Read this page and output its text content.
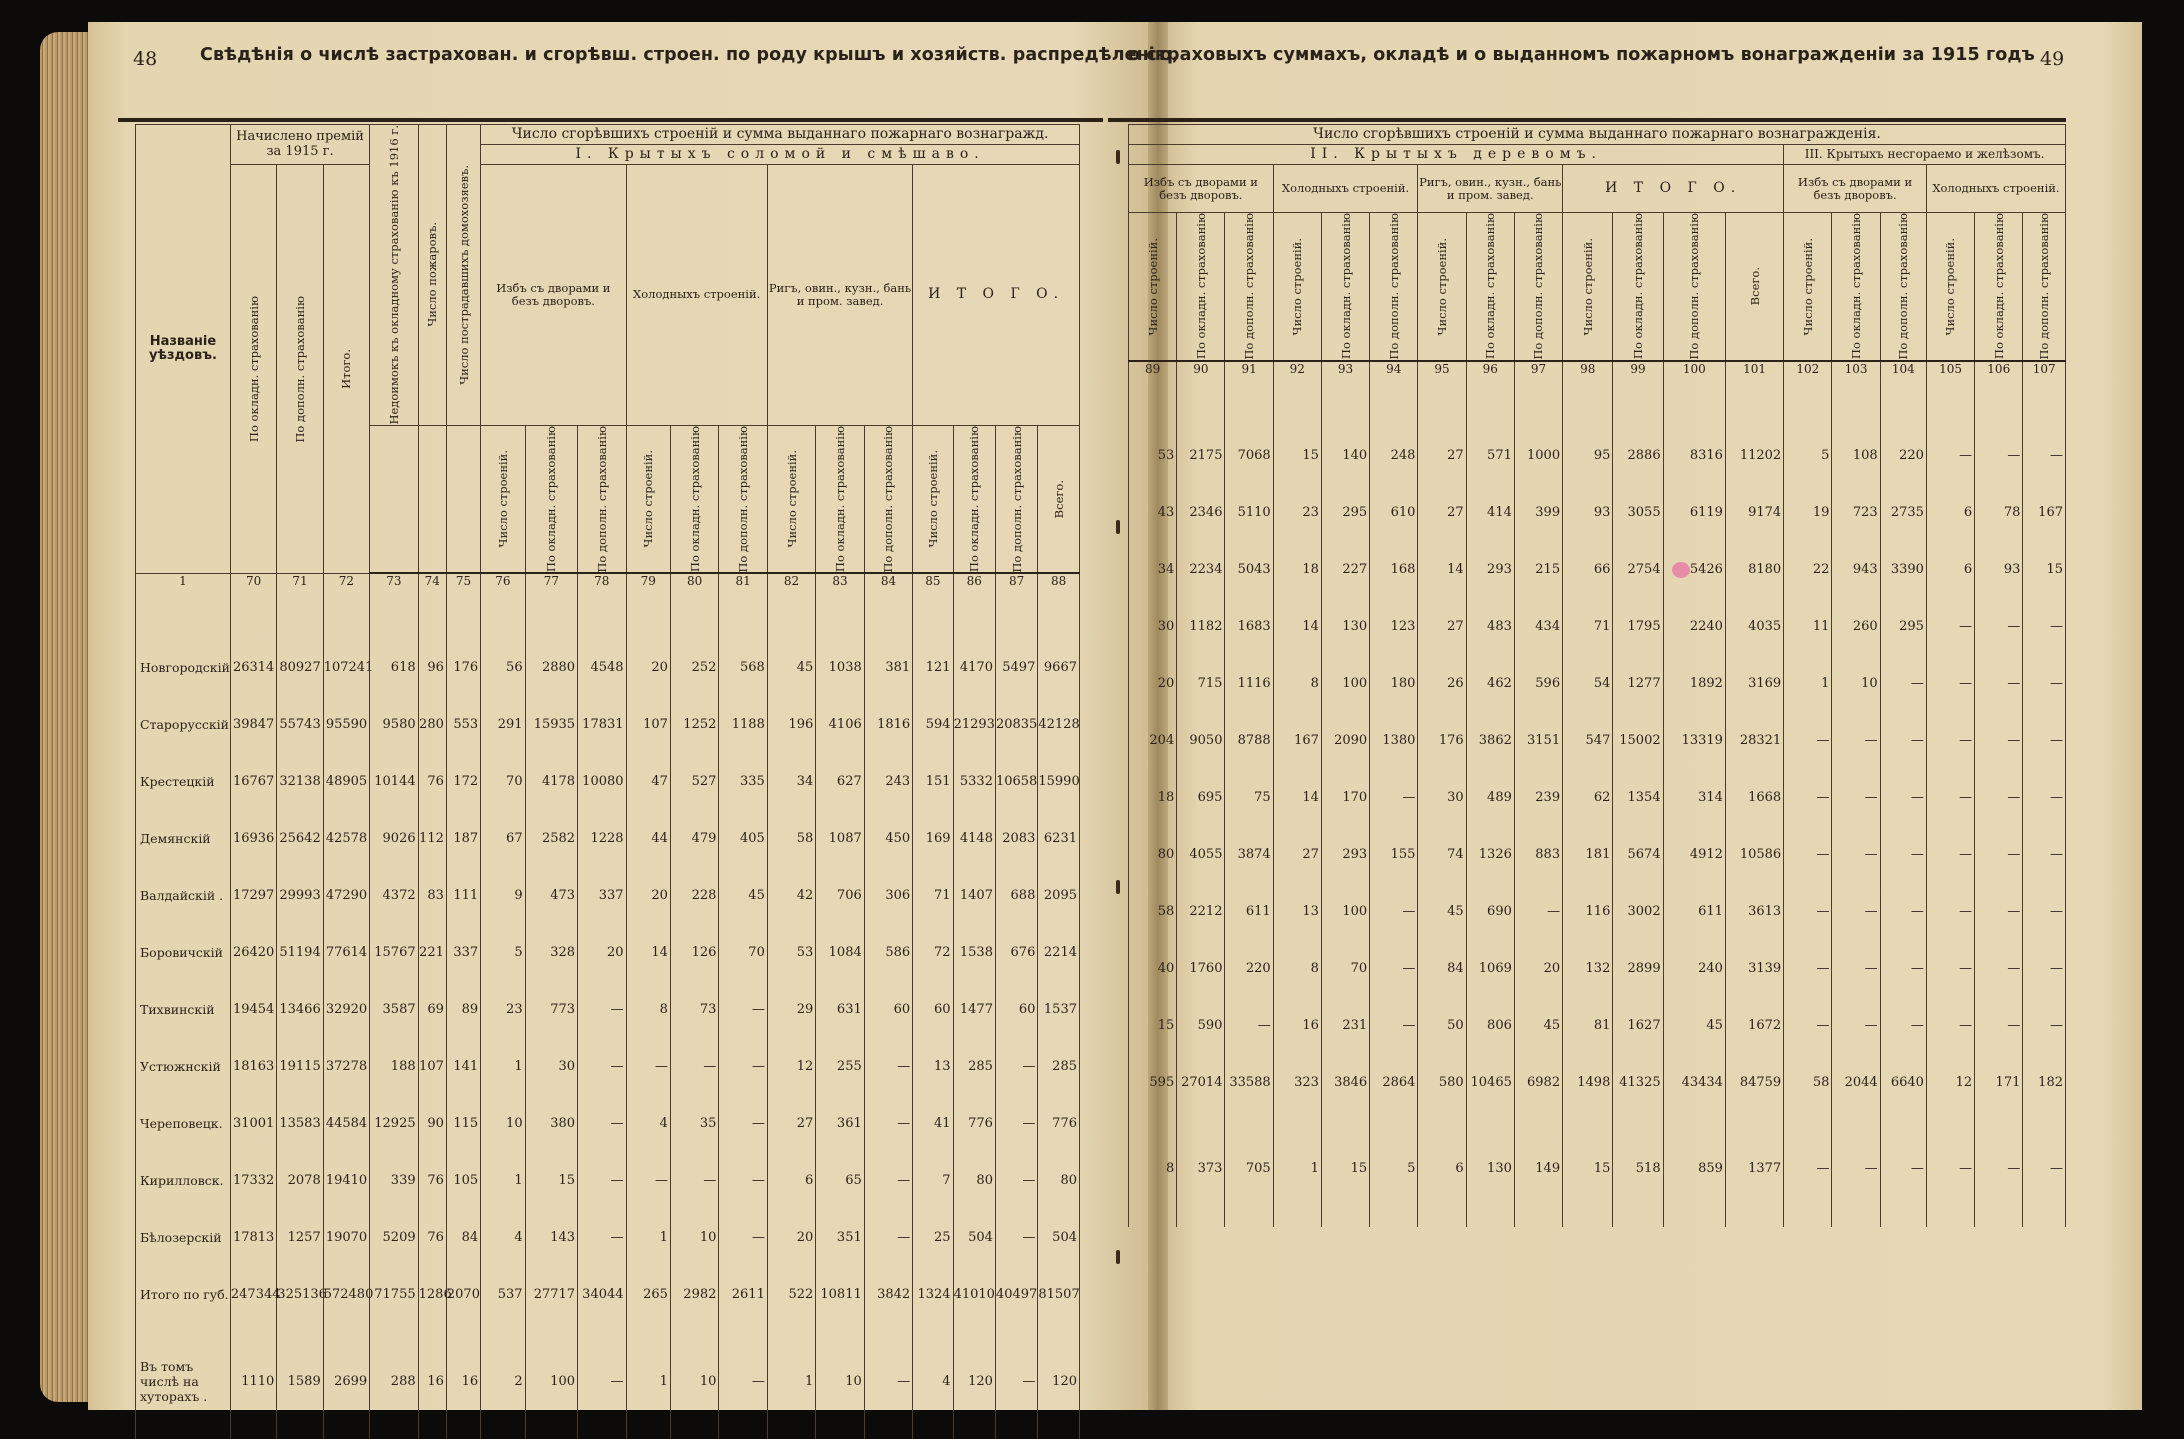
48 Свѣдѣнія о числѣ застрахован. и сгорѣвш. строен. по роду крышъ и хозяйств. распредѣленію,
о страховыхъ суммахъ, окладѣ и о выданномъ пожарномъ вонагражденіи за 1915 годъ 49
Названіе уѣздовъ.	Начислено премій за 1915 г.			Недоимокъ къ окладному страхованію къ 1916 г.	Число пожаровъ.	Число пострадавшихъ домохозяевъ.	Число сгорѣвшихъ строеній и сумма выданнаго пожарнаго вознагражд.												
							I. Крытыхъ соломой и смѣшаво.												

	По окладн. страхованію	По дополн. страхованію	Итого.				Избъ съ дворами и безъ дворовъ.			Холодныхъ строеній.			Ригъ, овин., кузн., бань и пром. завед.			И Т О Г О.			

							Число строеній.	По окладн. страхованію	По дополн. страхованію	Число строеній.	По окладн. страхованію	По дополн. страхованію	Число строеній.	По окладн. страхованію	По дополн. страхованію	Число строеній.	По окладн. страхованію	По дополн. страхованію	Всего.

1	70	71	72	73	74	75	76	77	78	79	80	81	82	83	84	85	86	87	88

Новгородскій	26314	80927	107241	618	96	176	56	2880	4548	20	252	568	45	1038	381	121	4170	5497	9667
Старорусскій	39847	55743	95590	9580	280	553	291	15935	17831	107	1252	1188	196	4106	1816	594	21293	20835	42128
Крестецкій	16767	32138	48905	10144	76	172	70	4178	10080	47	527	335	34	627	243	151	5332	10658	15990
Демянскій	16936	25642	42578	9026	112	187	67	2582	1228	44	479	405	58	1087	450	169	4148	2083	6231
Валдайскій .	17297	29993	47290	4372	83	111	9	473	337	20	228	45	42	706	306	71	1407	688	2095
Боровичскій	26420	51194	77614	15767	221	337	5	328	20	14	126	70	53	1084	586	72	1538	676	2214
Тихвинскій	19454	13466	32920	3587	69	89	23	773	—	8	73	—	29	631	60	60	1477	60	1537
Устюжнскій	18163	19115	37278	188	107	141	1	30	—	—	—	—	12	255	—	13	285	—	285
Череповецк.	31001	13583	44584	12925	90	115	10	380	—	4	35	—	27	361	—	41	776	—	776
Кирилловск.	17332	2078	19410	339	76	105	1	15	—	—	—	—	6	65	—	7	80	—	80
Бѣлозерскій	17813	1257	19070	5209	76	84	4	143	—	1	10	—	20	351	—	25	504	—	504
Итого по губ.	247344	325136	572480	71755	1286	2070	537	27717	34044	265	2982	2611	522	10811	3842	1324	41010	40497	81507
Въ томъ числѣ на хуторахъ .	1110	1589	2699	288	16	16	2	100	—	1	10	—	1	10	—	4	120	—	120
Число сгорѣвшихъ строеній и сумма выданнаго пожарнаго вознагражденія.																		
II. Крытыхъ деревомъ.													III. Крытыхъ несгораемо и желѣзомъ.					
Избъ съ дворами и безъ дворовъ.			Холодныхъ строеній.			Ригъ, овин., кузн., бань и пром. завед.			И Т О Г О.				Избъ съ дворами и безъ дворовъ.			Холодныхъ строеній.		

Число строеній.	По окладн. страхованію	По дополн. страхованію	Число строеній.	По окладн. страхованію	По дополн. страхованію	Число строеній.	По окладн. страхованію	По дополн. страхованію	Число строеній.	По окладн. страхованію	По дополн. страхованію	Всего.	Число строеній.	По окладн. страхованію	По дополн. страхованію	Число строеній.	По окладн. страхованію	По дополн. страхованію

89	90	91	92	93	94	95	96	97	98	99	100	101	102	103	104	105	106	107

53	2175	7068	15	140	248	27	571	1000	95	2886	8316	11202	5	108	220	—	—	—
43	2346	5110	23	295	610	27	414	399	93	3055	6119	9174	19	723	2735	6	78	167
34	2234	5043	18	227	168	14	293	215	66	2754	5426	8180	22	943	3390	6	93	15
30	1182	1683	14	130	123	27	483	434	71	1795	2240	4035	11	260	295	—	—	—
20	715	1116	8	100	180	26	462	596	54	1277	1892	3169	1	10	—	—	—	—
204	9050	8788	167	2090	1380	176	3862	3151	547	15002	13319	28321	—	—	—	—	—	—
18	695	75	14	170	—	30	489	239	62	1354	314	1668	—	—	—	—	—	—
80	4055	3874	27	293	155	74	1326	883	181	5674	4912	10586	—	—	—	—	—	—
58	2212	611	13	100	—	45	690	—	116	3002	611	3613	—	—	—	—	—	—
40	1760	220	8	70	—	84	1069	20	132	2899	240	3139	—	—	—	—	—	—
15	590	—	16	231	—	50	806	45	81	1627	45	1672	—	—	—	—	—	—
595	27014	33588	323	3846	2864	580	10465	6982	1498	41325	43434	84759	58	2044	6640	12	171	182
8	373	705	1	15	5	6	130	149	15	518	859	1377	—	—	—	—	—	—
